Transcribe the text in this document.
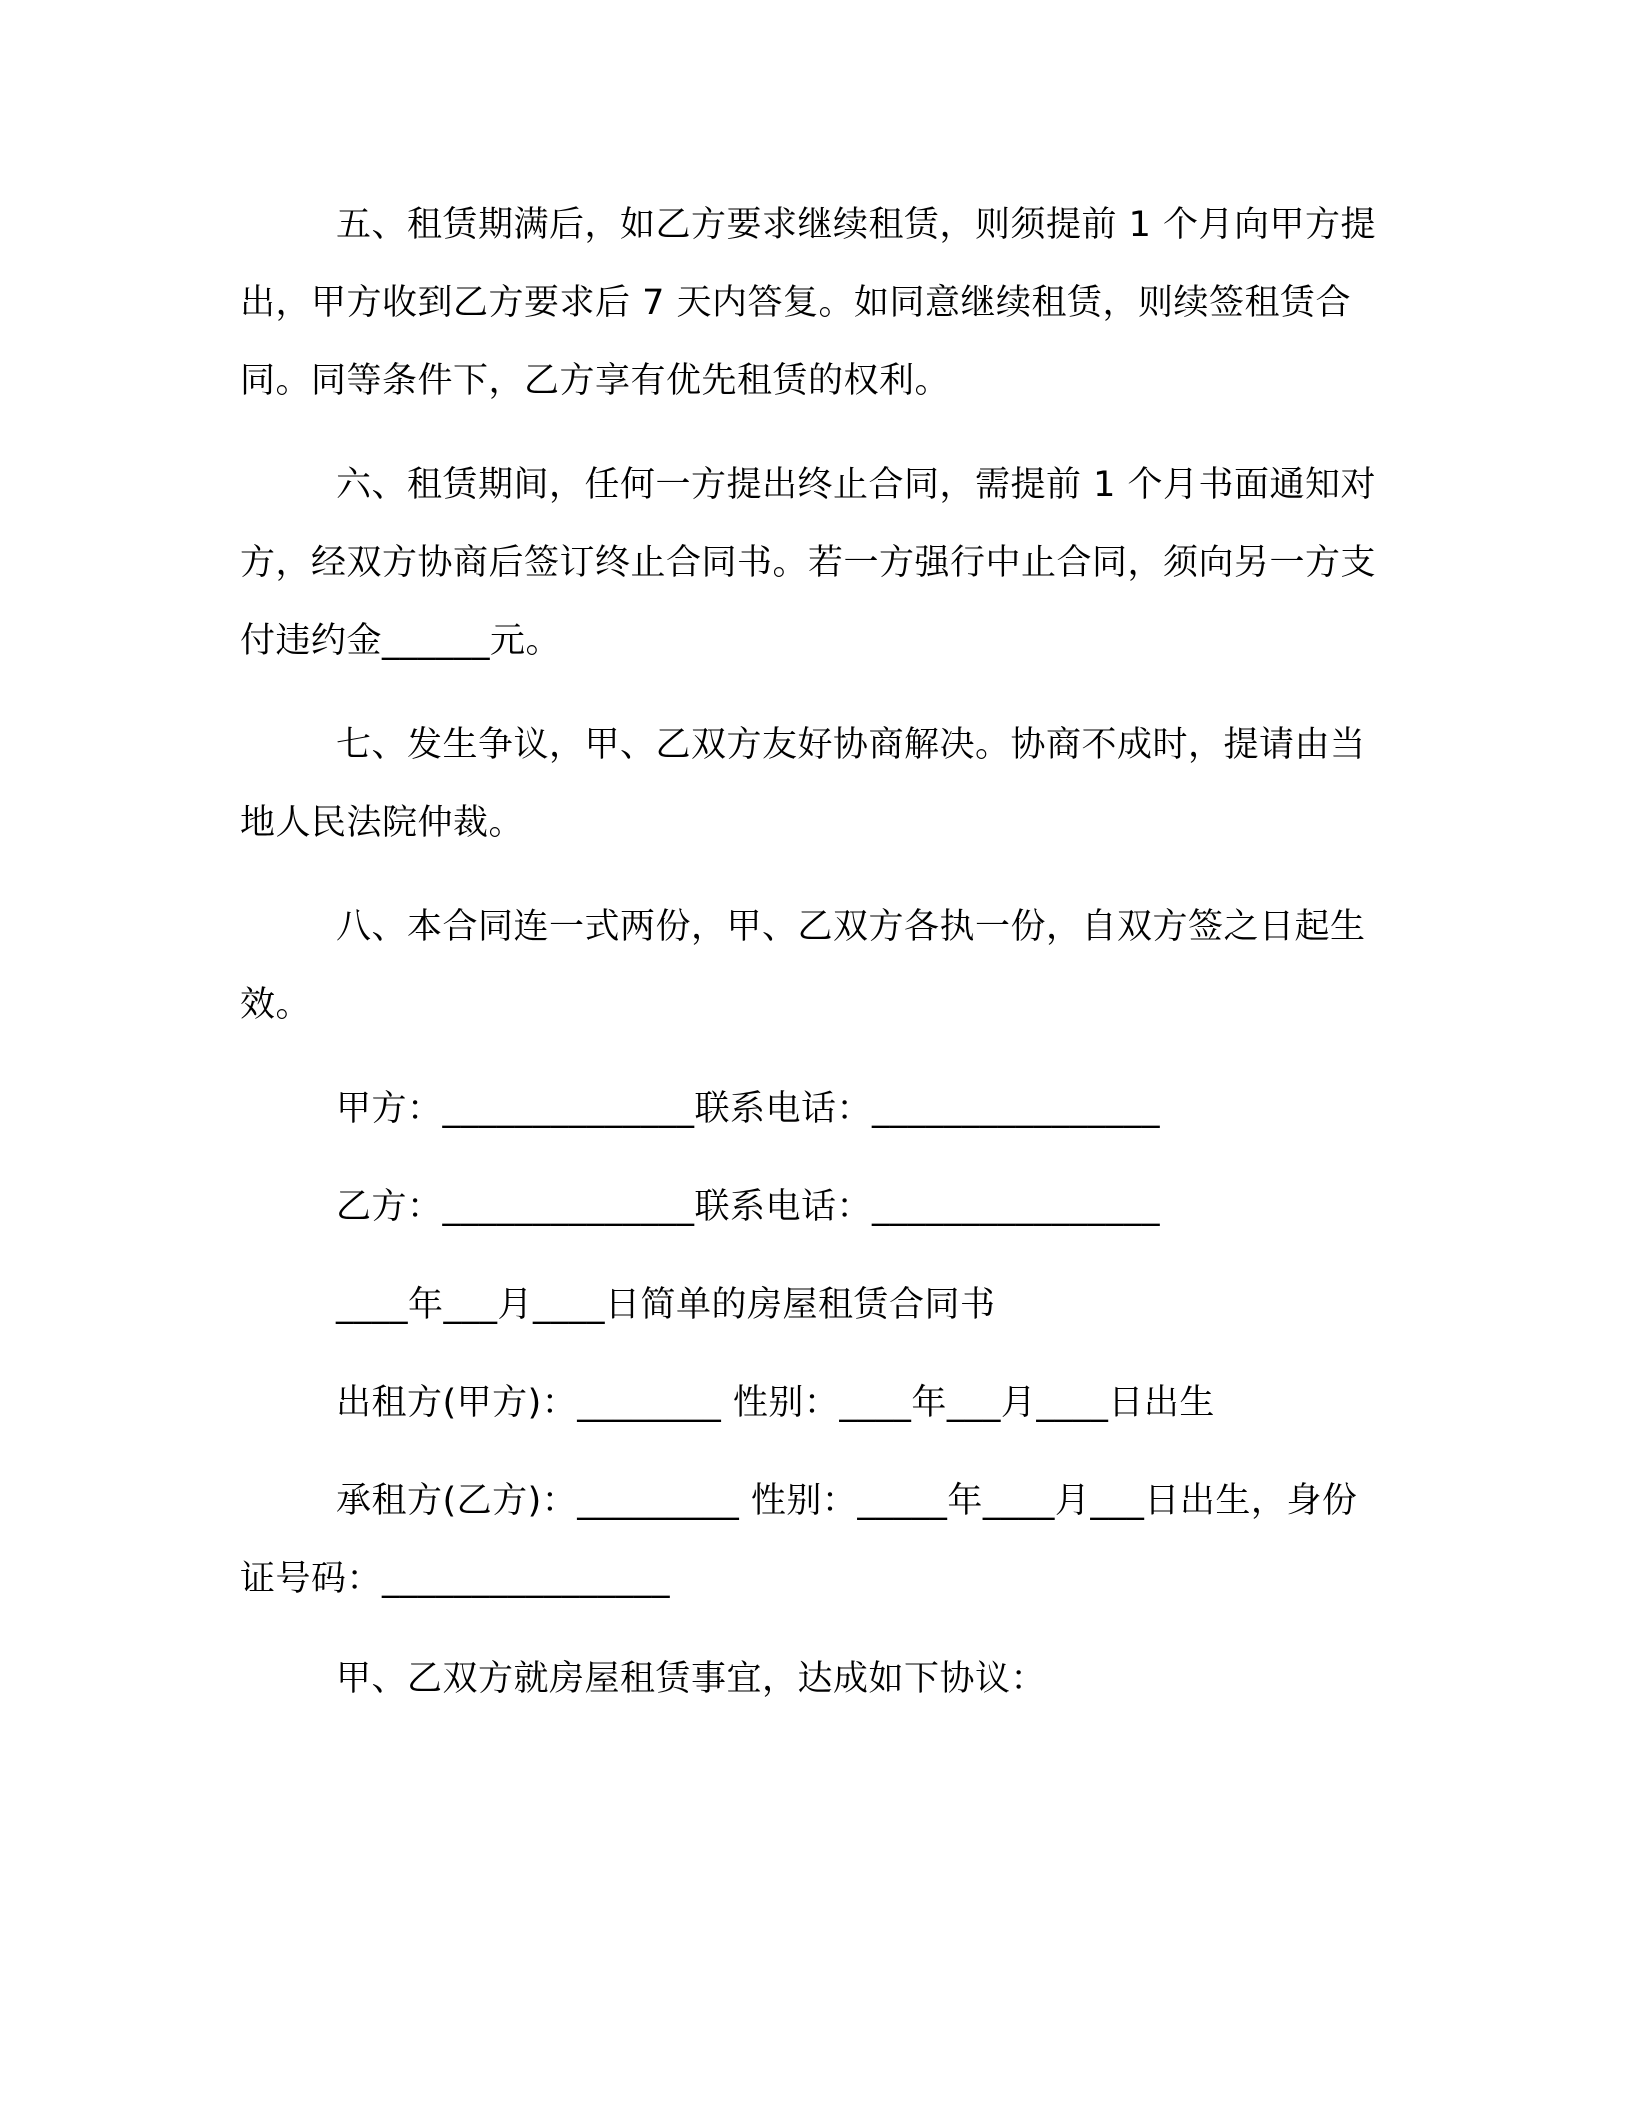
五、租赁期满后，如乙方要求继续租赁，则须提前 1 个月向甲方提出，甲方收到乙方要求后 7 天内答复。如同意继续租赁，则续签租赁合同。同等条件下，乙方享有优先租赁的权利。

六、租赁期间，任何一方提出终止合同，需提前 1 个月书面通知对方，经双方协商后签订终止合同书。若一方强行中止合同，须向另一方支付违约金______元。

七、发生争议，甲、乙双方友好协商解决。协商不成时，提请由当地人民法院仲裁。

八、本合同连一式两份，甲、乙双方各执一份，自双方签之日起生效。

甲方：______________联系电话：________________

乙方：______________联系电话：________________

____年___月____日简单的房屋租赁合同书

出租方(甲方)：________ 性别：____年___月____日出生

承租方(乙方)：_________ 性别：_____年____月___日出生，身份证号码：________________

甲、乙双方就房屋租赁事宜，达成如下协议：
